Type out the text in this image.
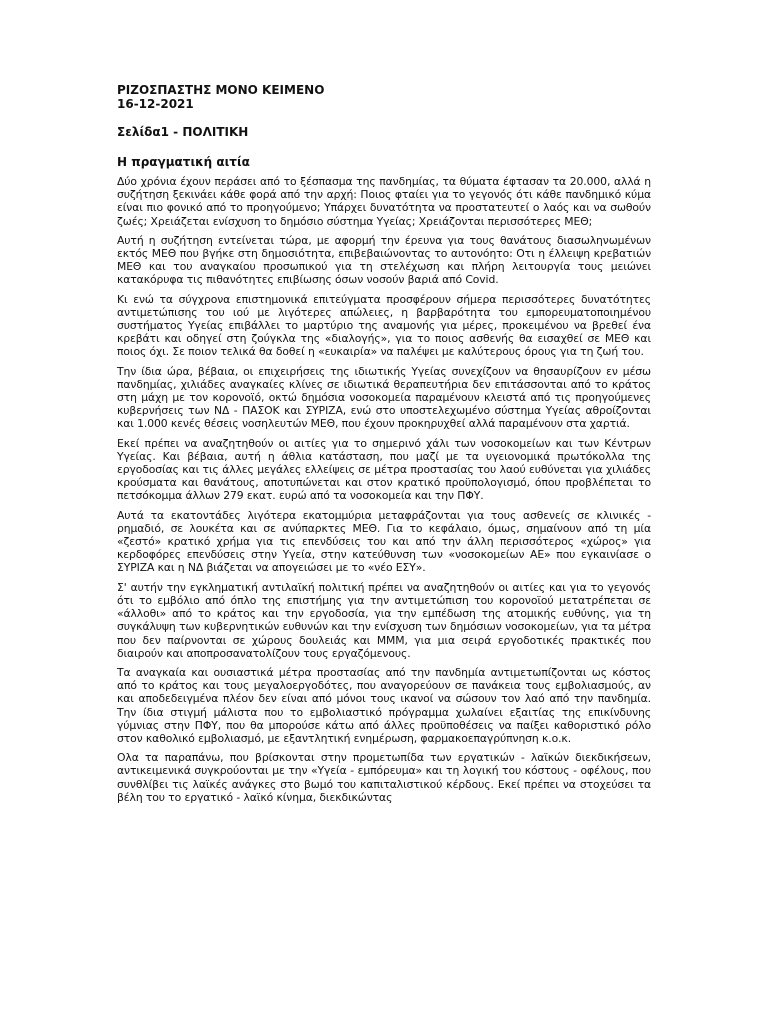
ΡΙΖΟΣΠΑΣΤΗΣ ΜΟΝΟ ΚΕΙΜΕΝΟ

16-12-2021

Σελίδα1 - ΠΟΛΙΤΙΚΗ

Η πραγματική αιτία

Δύο χρόνια έχουν περάσει από το ξέσπασμα της πανδημίας, τα θύματα έφτασαν τα 20.000, αλλά η συζήτηση ξεκινάει κάθε φορά από την αρχή: Ποιος φταίει για το γεγονός ότι κάθε πανδημικό κύμα είναι πιο φονικό από το προηγούμενο; Υπάρχει δυνατότητα να προστατευτεί ο λαός και να σωθούν ζωές; Χρειάζεται ενίσχυση το δημόσιο σύστημα Υγείας; Χρειάζονται περισσότερες ΜΕΘ;

Αυτή η συζήτηση εντείνεται τώρα, με αφορμή την έρευνα για τους θανάτους διασωληνωμένων εκτός ΜΕΘ που βγήκε στη δημοσιότητα, επιβεβαιώνοντας το αυτονόητο: Οτι η έλλειψη κρεβατιών ΜΕΘ και του αναγκαίου προσωπικού για τη στελέχωση και πλήρη λειτουργία τους μειώνει κατακόρυφα τις πιθανότητες επιβίωσης όσων νοσούν βαριά από Covid.

Κι ενώ τα σύγχρονα επιστημονικά επιτεύγματα προσφέρουν σήμερα περισσότερες δυνατότητες αντιμετώπισης του ιού με λιγότερες απώλειες, η βαρβαρότητα του εμπορευματοποιημένου συστήματος Υγείας επιβάλλει το μαρτύριο της αναμονής για μέρες, προκειμένου να βρεθεί ένα κρεβάτι και οδηγεί στη ζούγκλα της «διαλογής», για το ποιος ασθενής θα εισαχθεί σε ΜΕΘ και ποιος όχι. Σε ποιον τελικά θα δοθεί η «ευκαιρία» να παλέψει με καλύτερους όρους για τη ζωή του.

Την ίδια ώρα, βέβαια, οι επιχειρήσεις της ιδιωτικής Υγείας συνεχίζουν να θησαυρίζουν εν μέσω πανδημίας, χιλιάδες αναγκαίες κλίνες σε ιδιωτικά θεραπευτήρια δεν επιτάσσονται από το κράτος στη μάχη με τον κορονοϊό, οκτώ δημόσια νοσοκομεία παραμένουν κλειστά από τις προηγούμενες κυβερνήσεις των ΝΔ - ΠΑΣΟΚ και ΣΥΡΙΖΑ, ενώ στο υποστελεχωμένο σύστημα Υγείας αθροίζονται και 1.000 κενές θέσεις νοσηλευτών ΜΕΘ, που έχουν προκηρυχθεί αλλά παραμένουν στα χαρτιά.

Εκεί πρέπει να αναζητηθούν οι αιτίες για το σημερινό χάλι των νοσοκομείων και των Κέντρων Υγείας. Και βέβαια, αυτή η άθλια κατάσταση, που μαζί με τα υγειονομικά πρωτόκολλα της εργοδοσίας και τις άλλες μεγάλες ελλείψεις σε μέτρα προστασίας του λαού ευθύνεται για χιλιάδες κρούσματα και θανάτους, αποτυπώνεται και στον κρατικό προϋπολογισμό, όπου προβλέπεται το πετσόκομμα άλλων 279 εκατ. ευρώ από τα νοσοκομεία και την ΠΦΥ.

Αυτά τα εκατοντάδες λιγότερα εκατομμύρια μεταφράζονται για τους ασθενείς σε κλινικές - ρημαδιό, σε λουκέτα και σε ανύπαρκτες ΜΕΘ. Για το κεφάλαιο, όμως, σημαίνουν από τη μία «ζεστό» κρατικό χρήμα για τις επενδύσεις του και από την άλλη περισσότερος «χώρος» για κερδοφόρες επενδύσεις στην Υγεία, στην κατεύθυνση των «νοσοκομείων ΑΕ» που εγκαινίασε ο ΣΥΡΙΖΑ και η ΝΔ βιάζεται να απογειώσει με το «νέο ΕΣΥ».

Σ' αυτήν την εγκληματική αντιλαϊκή πολιτική πρέπει να αναζητηθούν οι αιτίες και για το γεγονός ότι το εμβόλιο από όπλο της επιστήμης για την αντιμετώπιση του κορονοϊού μετατρέπεται σε «άλλοθι» από το κράτος και την εργοδοσία, για την εμπέδωση της ατομικής ευθύνης, για τη συγκάλυψη των κυβερνητικών ευθυνών και την ενίσχυση των δημόσιων νοσοκομείων, για τα μέτρα που δεν παίρνονται σε χώρους δουλειάς και ΜΜΜ, για μια σειρά εργοδοτικές πρακτικές που διαιρούν και αποπροσανατολίζουν τους εργαζόμενους.

Τα αναγκαία και ουσιαστικά μέτρα προστασίας από την πανδημία αντιμετωπίζονται ως κόστος από το κράτος και τους μεγαλοεργοδότες, που αναγορεύουν σε πανάκεια τους εμβολιασμούς, αν και αποδεδειγμένα πλέον δεν είναι από μόνοι τους ικανοί να σώσουν τον λαό από την πανδημία. Την ίδια στιγμή μάλιστα που το εμβολιαστικό πρόγραμμα χωλαίνει εξαιτίας της επικίνδυνης γύμνιας στην ΠΦΥ, που θα μπορούσε κάτω από άλλες προϋποθέσεις να παίξει καθοριστικό ρόλο στον καθολικό εμβολιασμό, με εξαντλητική ενημέρωση, φαρμακοεπαγρύπνηση κ.ο.κ.

Ολα τα παραπάνω, που βρίσκονται στην προμετωπίδα των εργατικών - λαϊκών διεκδικήσεων, αντικειμενικά συγκρούονται με την «Υγεία - εμπόρευμα» και τη λογική του κόστους - οφέλους, που συνθλίβει τις λαϊκές ανάγκες στο βωμό του καπιταλιστικού κέρδους. Εκεί πρέπει να στοχεύσει τα βέλη του το εργατικό - λαϊκό κίνημα, διεκδικώντας
